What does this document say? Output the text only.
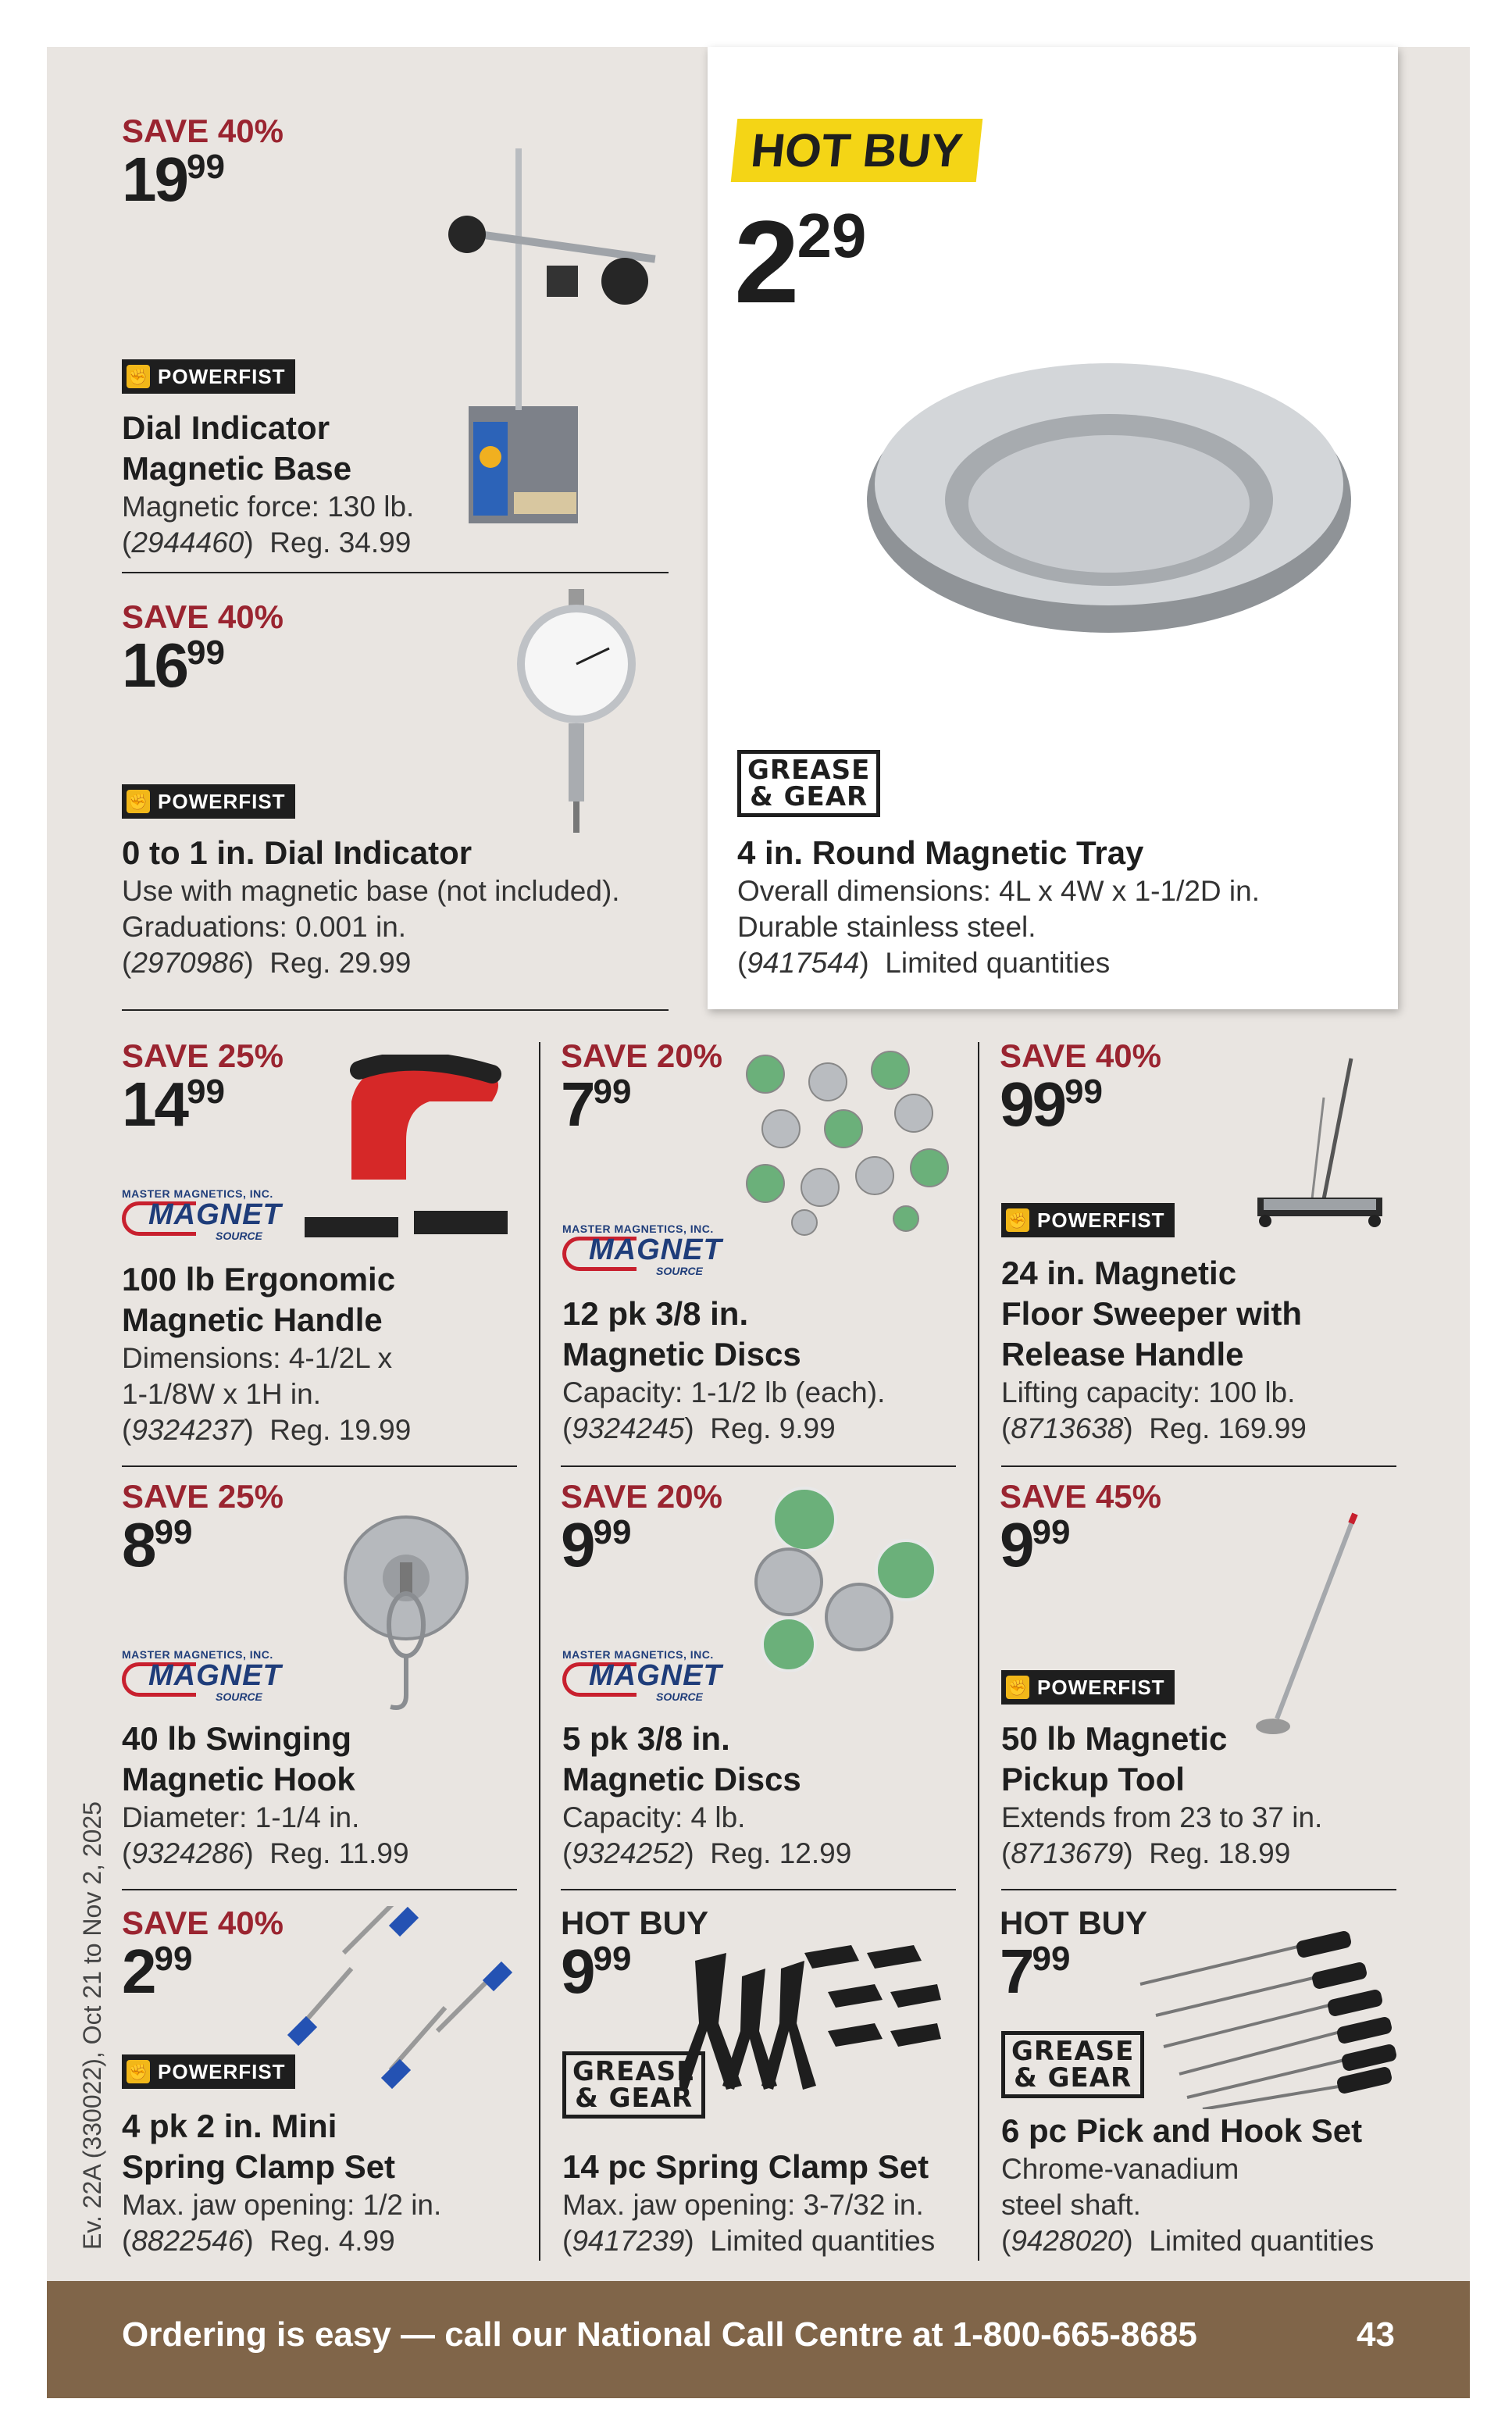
SAVE 40%
1999
✊ POWERFIST
Dial Indicator
Magnetic Base
Magnetic force: 130 lb.
(2944460)  Reg. 34.99
SAVE 40%
1699
✊ POWERFIST
0 to 1 in. Dial Indicator
Use with magnetic base (not included).
Graduations: 0.001 in.
(2970986)  Reg. 29.99
HOT BUY
229
GREASE
& GEAR
4 in. Round Magnetic Tray
Overall dimensions: 4L x 4W x 1-1/2D in.
Durable stainless steel.
(9417544)  Limited quantities
SAVE 25%
1499
MASTER MAGNETICS, INC.
MAGNET
SOURCE
100 lb Ergonomic
Magnetic Handle
Dimensions: 4-1/2L x
1-1/8W x 1H in.
(9324237)  Reg. 19.99
SAVE 20%
799
MASTER MAGNETICS, INC.
MAGNET
SOURCE
12 pk 3/8 in.
Magnetic Discs
Capacity: 1-1/2 lb (each).
(9324245)  Reg. 9.99
SAVE 40%
9999
✊ POWERFIST
24 in. Magnetic
Floor Sweeper with
Release Handle
Lifting capacity: 100 lb.
(8713638)  Reg. 169.99
SAVE 25%
899
MASTER MAGNETICS, INC.
MAGNET
SOURCE
40 lb Swinging
Magnetic Hook
Diameter: 1-1/4 in.
(9324286)  Reg. 11.99
SAVE 20%
999
MASTER MAGNETICS, INC.
MAGNET
SOURCE
5 pk 3/8 in.
Magnetic Discs
Capacity: 4 lb.
(9324252)  Reg. 12.99
SAVE 45%
999
✊ POWERFIST
50 lb Magnetic
Pickup Tool
Extends from 23 to 37 in.
(8713679)  Reg. 18.99
SAVE 40%
299
✊ POWERFIST
4 pk 2 in. Mini
Spring Clamp Set
Max. jaw opening: 1/2 in.
(8822546)  Reg. 4.99
HOT BUY
999
GREASE
& GEAR
14 pc Spring Clamp Set
Max. jaw opening: 3-7/32 in.
(9417239)  Limited quantities
HOT BUY
799
GREASE
& GEAR
6 pc Pick and Hook Set
Chrome-vanadium
steel shaft.
(9428020)  Limited quantities
Ev. 22A (330022), Oct 21 to Nov 2, 2025
Ordering is easy — call our National Call Centre at 1-800-665-8685	43
